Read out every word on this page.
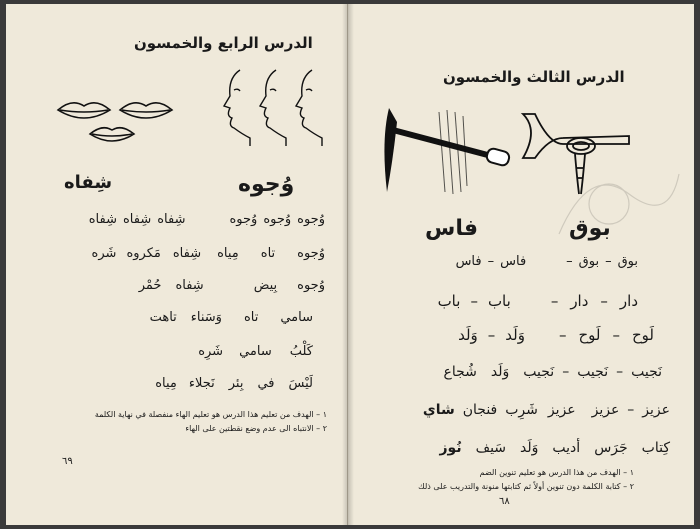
الدرس الرابع والخمسون
وُجوه
شِفاه
وُجوهوُجوهوُجوهشِفاهشِفاهشِفاه
وُجوهتاهمِياهشِفاهمَكروهشَره
وُجوهبِيضشِفاهحُمْر
ساميتاهوَسَناءتاهت
كَلْبُساميشَرِه
لَيْسَفيبِئرنَجلاءمِياه
١ – الهدف من تعليم هذا الدرس هو تعليم الهاء منفصلة في نهاية الكلمة
٢ – الانتباه الى عدم وضع نقطتين على الهاء
٦٩
الدرس الثالث والخمسون
بوق
فاس
بوق–بوق–فاس–فاس
دار–دار–باب–باب
لَوح–لَوح–وَلَد–وَلَد
نَجيب–نَجيب–نَجيبوَلَدشُجاع
عزيز–عزيزعزيزشَرِبفنجانشاي
كِتابجَرَسأديبوَلَدسَيفنُوز
١ – الهدف من هذا الدرس هو تعليم تنوين الضم
٢ – كتابة الكلمة دون تنوين أولاً ثم كتابتها منونة والتدريب على ذلك
٦٨
